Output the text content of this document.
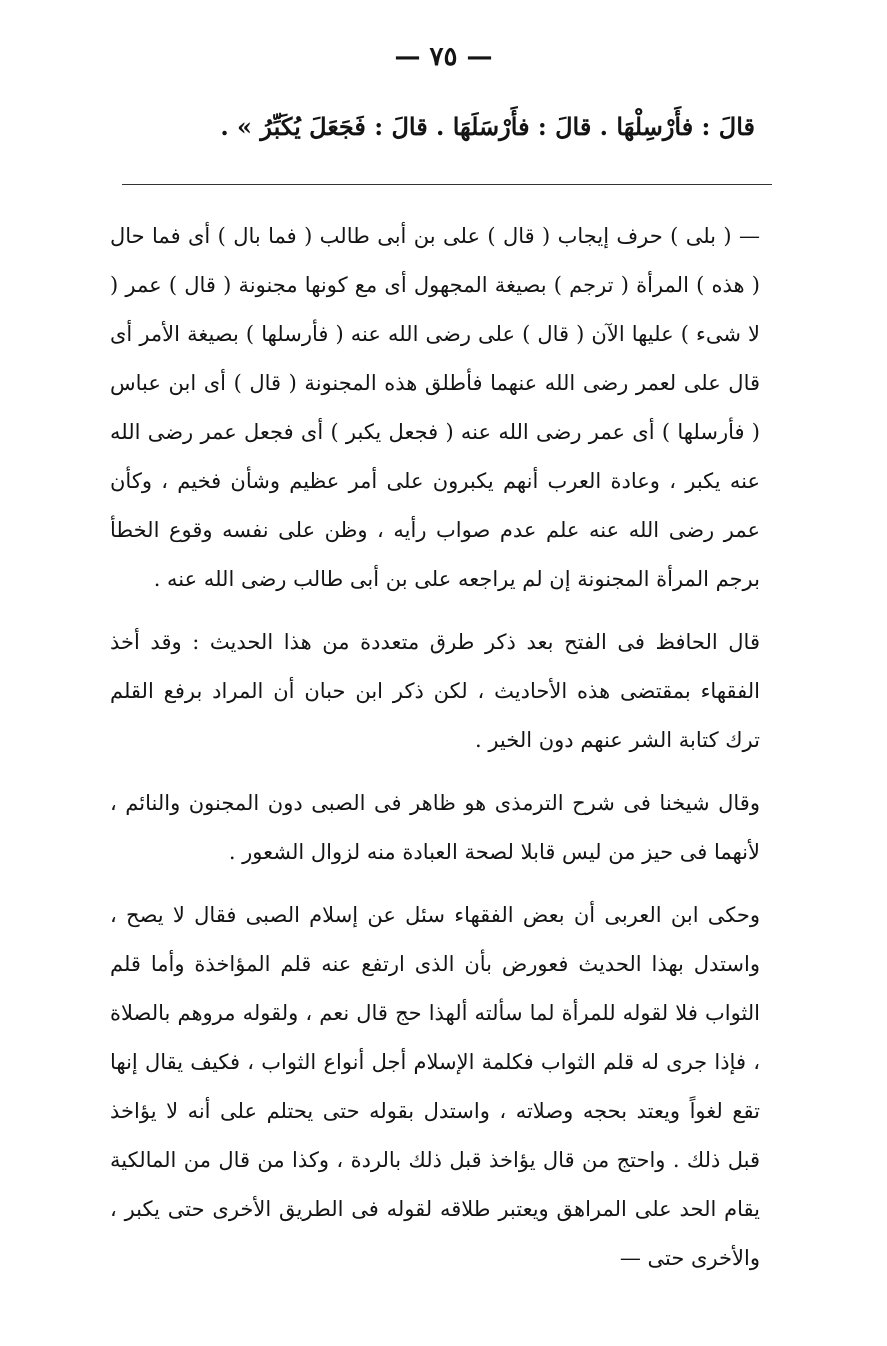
— ٧٥ —
قالَ : فأَرْسِلْهَا . قالَ : فأَرْسَلَهَا . قالَ : فَجَعَلَ يُكَبِّرُ » .

— ( بلى ) حرف إيجاب ( قال ) على بن أبى طالب ( فما بال ) أى فما حال ( هذه ) المرأة ( ترجم ) بصيغة المجهول أى مع كونها مجنونة ( قال ) عمر ( لا شىء ) عليها الآن ( قال ) على رضى الله عنه ( فأرسلها ) بصيغة الأمر أى قال على لعمر رضى الله عنهما فأطلق هذه المجنونة ( قال ) أى ابن عباس ( فأرسلها ) أى عمر رضى الله عنه ( فجعل يكبر ) أى فجعل عمر رضى الله عنه يكبر ، وعادة العرب أنهم يكبرون على أمر عظيم وشأن فخيم ، وكأن عمر رضى الله عنه علم عدم صواب رأيه ، وظن على نفسه وقوع الخطأ برجم المرأة المجنونة إن لم يراجعه على بن أبى طالب رضى الله عنه .

قال الحافظ فى الفتح بعد ذكر طرق متعددة من هذا الحديث : وقد أخذ الفقهاء بمقتضى هذه الأحاديث ، لكن ذكر ابن حبان أن المراد برفع القلم ترك كتابة الشر عنهم دون الخير .

وقال شيخنا فى شرح الترمذى هو ظاهر فى الصبى دون المجنون والنائم ، لأنهما فى حيز من ليس قابلا لصحة العبادة منه لزوال الشعور .

وحكى ابن العربى أن بعض الفقهاء سئل عن إسلام الصبى فقال لا يصح ، واستدل بهذا الحديث فعورض بأن الذى ارتفع عنه قلم المؤاخذة وأما قلم الثواب فلا لقوله للمرأة لما سألته ألهذا حج قال نعم ، ولقوله مروهم بالصلاة ، فإذا جرى له قلم الثواب فكلمة الإسلام أجل أنواع الثواب ، فكيف يقال إنها تقع لغواً ويعتد بحجه وصلاته ، واستدل بقوله حتى يحتلم على أنه لا يؤاخذ قبل ذلك . واحتج من قال يؤاخذ قبل ذلك بالردة ، وكذا من قال من المالكية يقام الحد على المراهق ويعتبر طلاقه لقوله فى الطريق الأخرى حتى يكبر ، والأخرى حتى —
